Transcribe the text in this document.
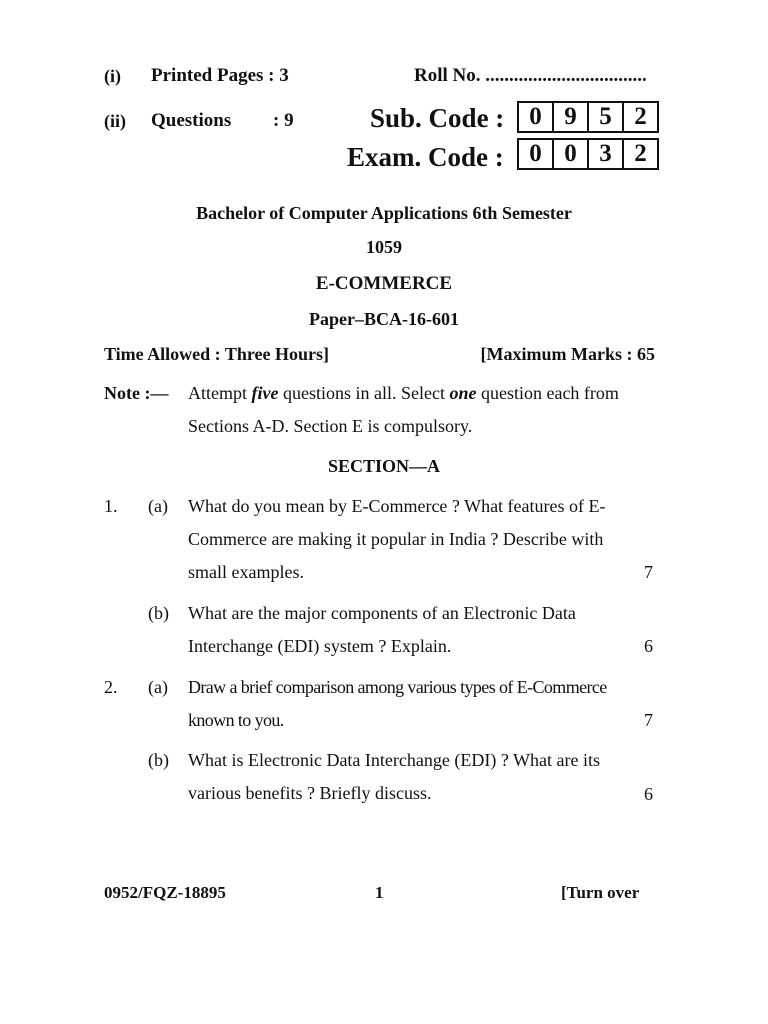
(i) Printed Pages : 3	Roll No. ..................................
(ii) Questions : 9	Sub. Code : 0 9 5 2
Exam. Code :	0 0 3 2
Bachelor of Computer Applications 6th Semester
1059
E-COMMERCE
Paper–BCA-16-601
Time Allowed : Three Hours]	[Maximum Marks : 65
Note :— Attempt five questions in all. Select one question each from
Sections A-D. Section E is compulsory.
SECTION—A
1. (a) What do you mean by E-Commerce ? What features of E-
Commerce are making it popular in India ? Describe with
small examples.	7
(b) What are the major components of an Electronic Data
Interchange (EDI) system ? Explain.	6
2. (a) Draw a brief comparison among various types of E-Commerce
known to you.	7
(b) What is Electronic Data Interchange (EDI) ? What are its
various benefits ? Briefly discuss.	6
0952/FQZ-18895	1	[Turn over
